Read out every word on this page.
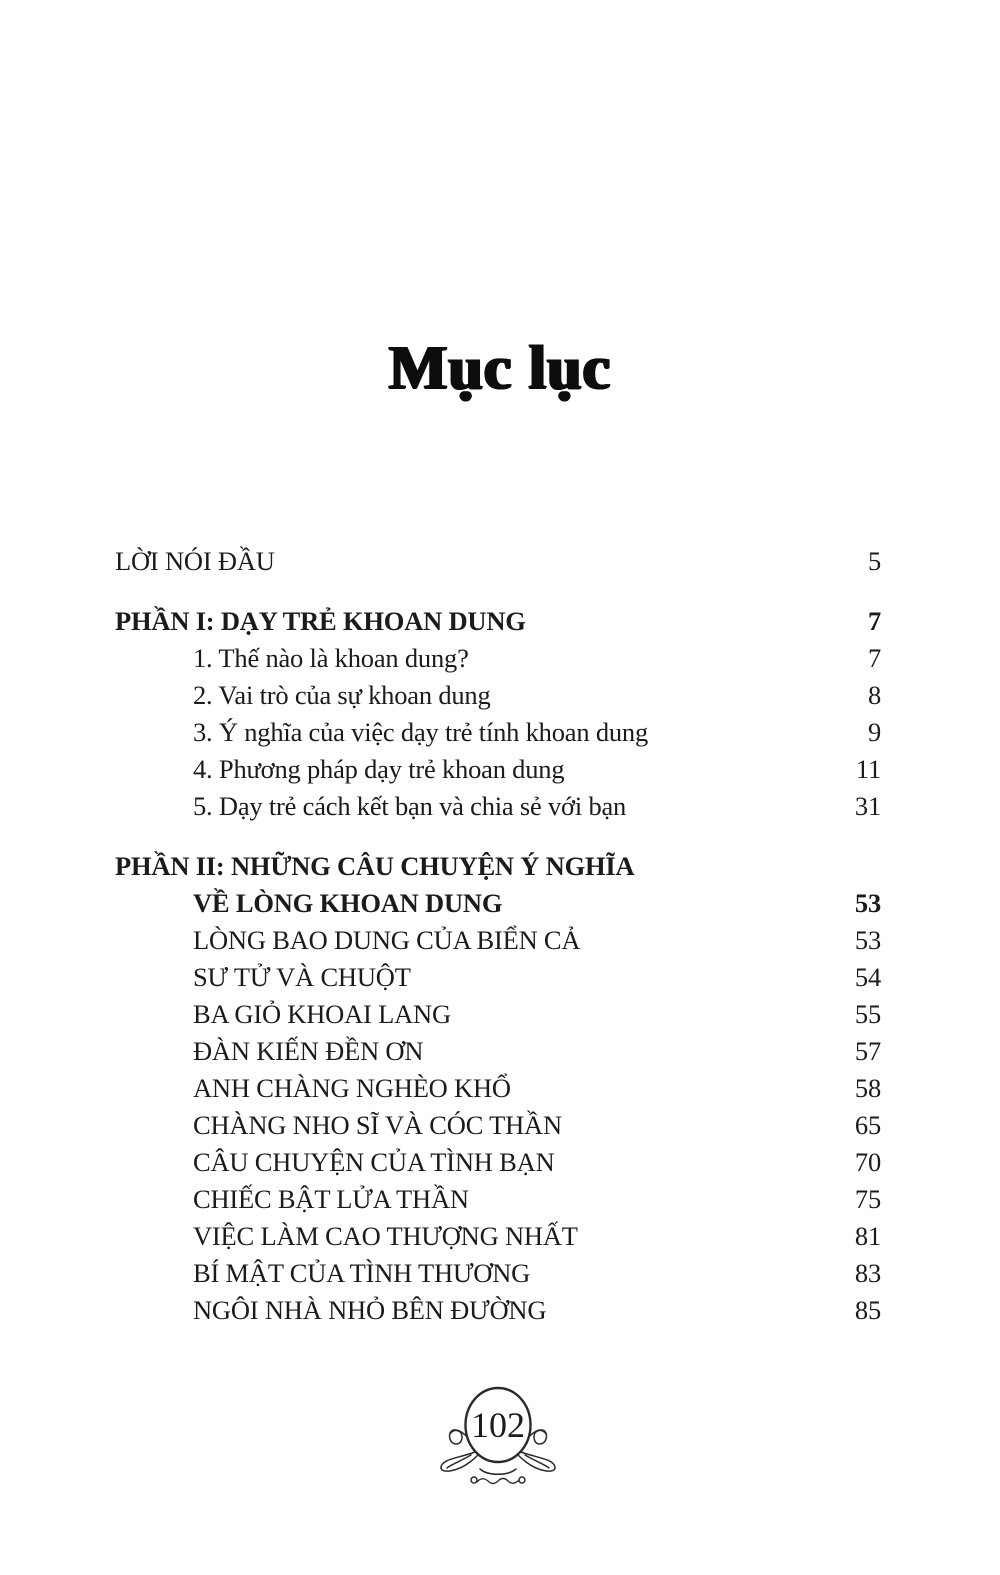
Mục lục
LỜI NÓI ĐẦU	5
PHẦN I: DẠY TRẺ KHOAN DUNG	7
1. Thế nào là khoan dung?	7
2. Vai trò của sự khoan dung	8
3. Ý nghĩa của việc dạy trẻ tính khoan dung	9
4. Phương pháp dạy trẻ khoan dung	11
5. Dạy trẻ cách kết bạn và chia sẻ với bạn	31
PHẦN II: NHỮNG CÂU CHUYỆN Ý NGHĨA
VỀ LÒNG KHOAN DUNG	53
LÒNG BAO DUNG CỦA BIỂN CẢ	53
SƯ TỬ VÀ CHUỘT	54
BA GIỎ KHOAI LANG	55
ĐÀN KIẾN ĐỀN ƠN	57
ANH CHÀNG NGHÈO KHỔ	58
CHÀNG NHO SĨ VÀ CÓC THẦN	65
CÂU CHUYỆN CỦA TÌNH BẠN	70
CHIẾC BẬT LỬA THẦN	75
VIỆC LÀM CAO THƯỢNG NHẤT	81
BÍ MẬT CỦA TÌNH THƯƠNG	83
NGÔI NHÀ NHỎ BÊN ĐƯỜNG	85
102
